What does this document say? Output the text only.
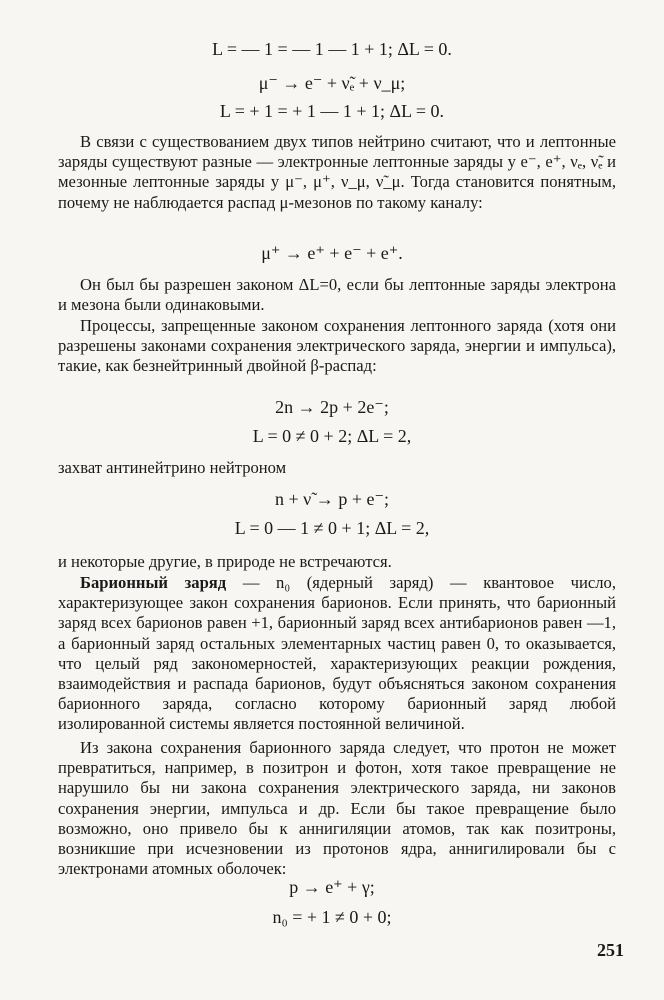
L = — 1 = — 1 — 1 + 1; ΔL = 0.
μ⁻ → e⁻ + ν̃ₑ + ν_μ;
L = + 1 = + 1 — 1 + 1; ΔL = 0.
В связи с существованием двух типов нейтрино считают, что и лептонные заряды существуют разные — электронные лептонные заряды у e⁻, e⁺, νₑ, ν̃ₑ и мезонные лептонные заряды у μ⁻, μ⁺, ν_μ, ν̃_μ. Тогда становится понятным, почему не наблюдается распад μ-мезонов по такому каналу:
μ⁺ → e⁺ + e⁻ + e⁺.
Он был бы разрешен законом ΔL=0, если бы лептонные заряды электрона и мезона были одинаковыми.
Процессы, запрещенные законом сохранения лептонного заряда (хотя они разрешены законами сохранения электрического заряда, энергии и импульса), такие, как безнейтринный двойной β-распад:
2n → 2p + 2e⁻;
L = 0 ≠ 0 + 2; ΔL = 2,
захват антинейтрино нейтроном
n + ν̃ → p + e⁻;
L = 0 — 1 ≠ 0 + 1; ΔL = 2,
и некоторые другие, в природе не встречаются.
Барионный заряд — n₀ (ядерный заряд) — квантовое число, характеризующее закон сохранения барионов. Если принять, что барионный заряд всех барионов равен +1, барионный заряд всех антибарионов равен —1, а барионный заряд остальных элементарных частиц равен 0, то оказывается, что целый ряд закономерностей, характеризующих реакции рождения, взаимодействия и распада барионов, будут объясняться законом сохранения барионного заряда, согласно которому барионный заряд любой изолированной системы является постоянной величиной.
Из закона сохранения барионного заряда следует, что протон не может превратиться, например, в позитрон и фотон, хотя такое превращение не нарушило бы ни закона сохранения электрического заряда, ни законов сохранения энергии, импульса и др. Если бы такое превращение было возможно, оно привело бы к аннигиляции атомов, так как позитроны, возникшие при исчезновении из протонов ядра, аннигилировали бы с электронами атомных оболочек:
p → e⁺ + γ;
n₀ = + 1 ≠ 0 + 0;
251
